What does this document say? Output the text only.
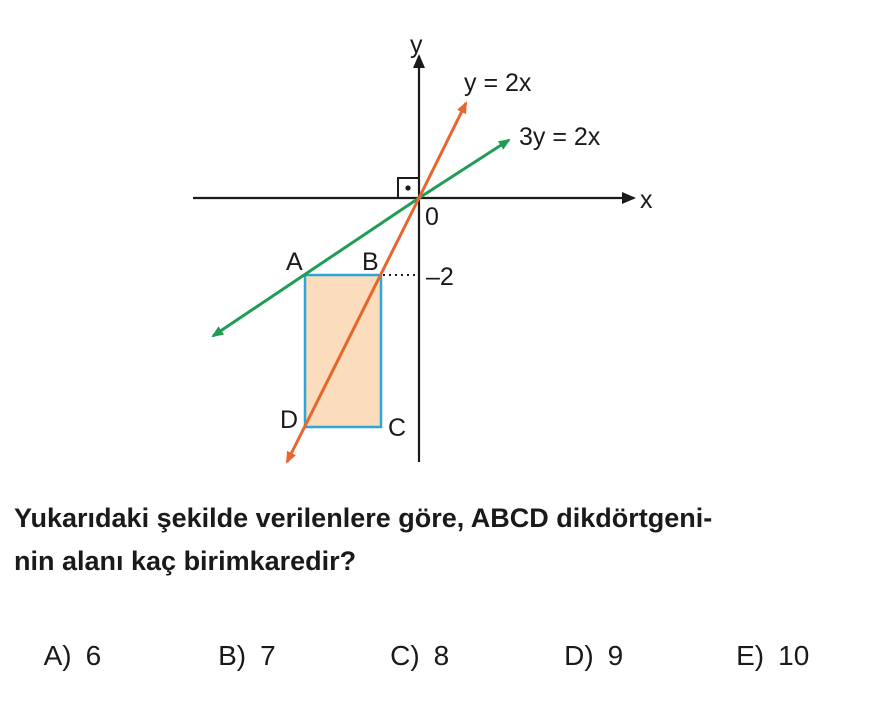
y
x
0
–2
y = 2x
3y = 2x
A B
C
D

Yukarıdaki şekilde verilenlere göre, ABCD dikdörtgeni-
nin alanı kaç birimkaredir?

A) 6
	B) 7
	C) 8
	D) 9
	E) 10
